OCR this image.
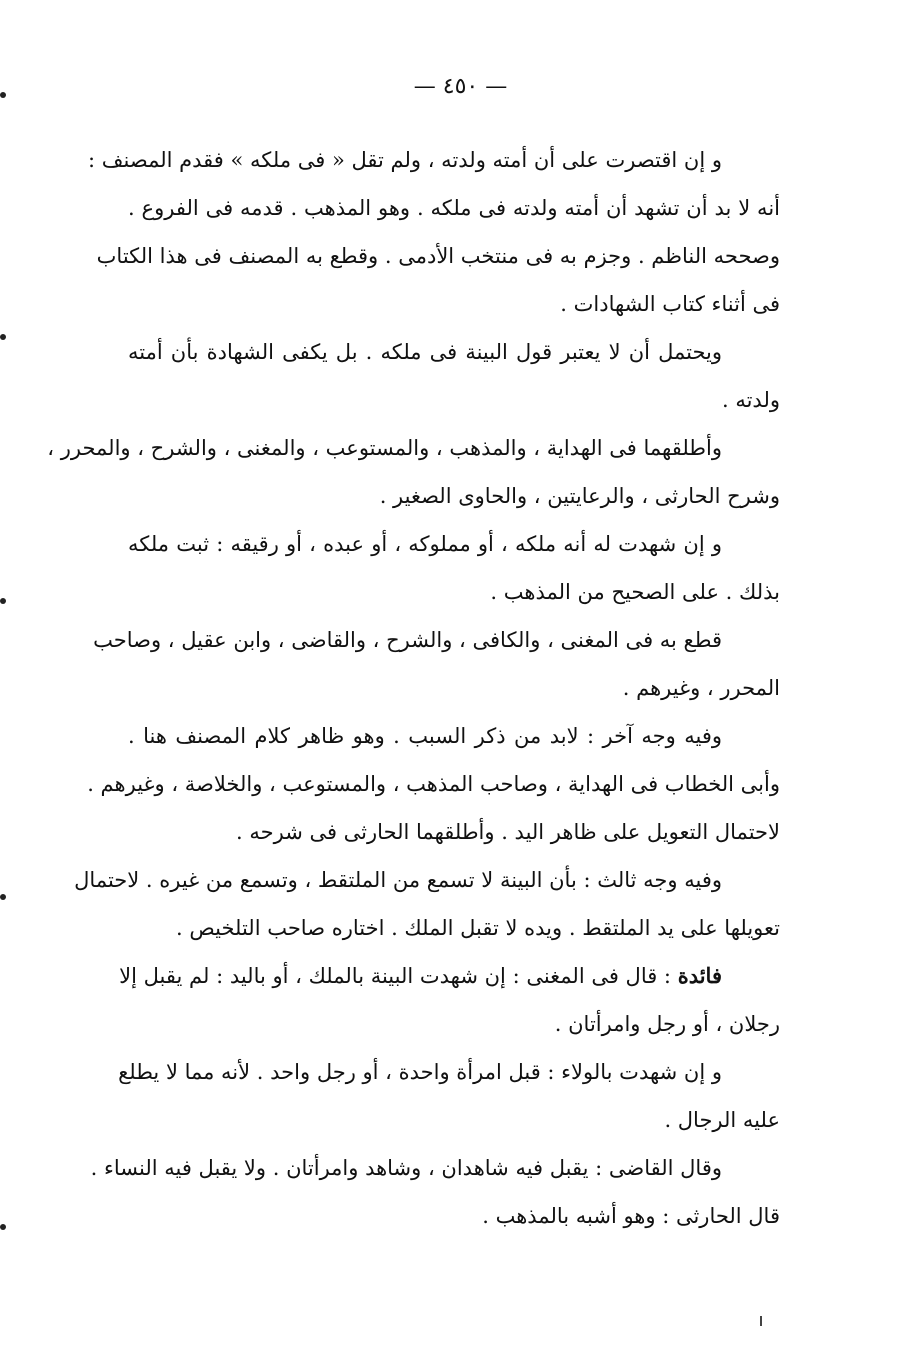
— ٤٥٠ —
و إن اقتصرت على أن أمته ولدته ، ولم تقل « فى ملكه » فقدم المصنف :
أنه لا بد أن تشهد أن أمته ولدته فى ملكه . وهو المذهب . قدمه فى الفروع .
وصححه الناظم . وجزم به فى منتخب الأدمى . وقطع به المصنف فى هذا الكتاب
فى أثناء كتاب الشهادات .
ويحتمل أن لا يعتبر قول البينة فى ملكه . بل يكفى الشهادة بأن أمته
ولدته .
وأطلقهما فى الهداية ، والمذهب ، والمستوعب ، والمغنى ، والشرح ، والمحرر ،
وشرح الحارثى ، والرعايتين ، والحاوى الصغير .
و إن شهدت له أنه ملكه ، أو مملوكه ، أو عبده ، أو رقيقه : ثبت ملكه
بذلك . على الصحيح من المذهب .
قطع به فى المغنى ، والكافى ، والشرح ، والقاضى ، وابن عقيل ، وصاحب
المحرر ، وغيرهم .
وفيه وجه آخر : لابد من ذكر السبب . وهو ظاهر كلام المصنف هنا .
وأبى الخطاب فى الهداية ، وصاحب المذهب ، والمستوعب ، والخلاصة ، وغيرهم .
لاحتمال التعويل على ظاهر اليد . وأطلقهما الحارثى فى شرحه .
وفيه وجه ثالث : بأن البينة لا تسمع من الملتقط ، وتسمع من غيره . لاحتمال
تعويلها على يد الملتقط . ويده لا تقبل الملك . اختاره صاحب التلخيص .
فائدة : قال فى المغنى : إن شهدت البينة بالملك ، أو باليد : لم يقبل إلا
رجلان ، أو رجل وامرأتان .
و إن شهدت بالولاء : قبل امرأة واحدة ، أو رجل واحد . لأنه مما لا يطلع
عليه الرجال .
وقال القاضى : يقبل فيه شاهدان ، وشاهد وامرأتان . ولا يقبل فيه النساء .
قال الحارثى : وهو أشبه بالمذهب .
